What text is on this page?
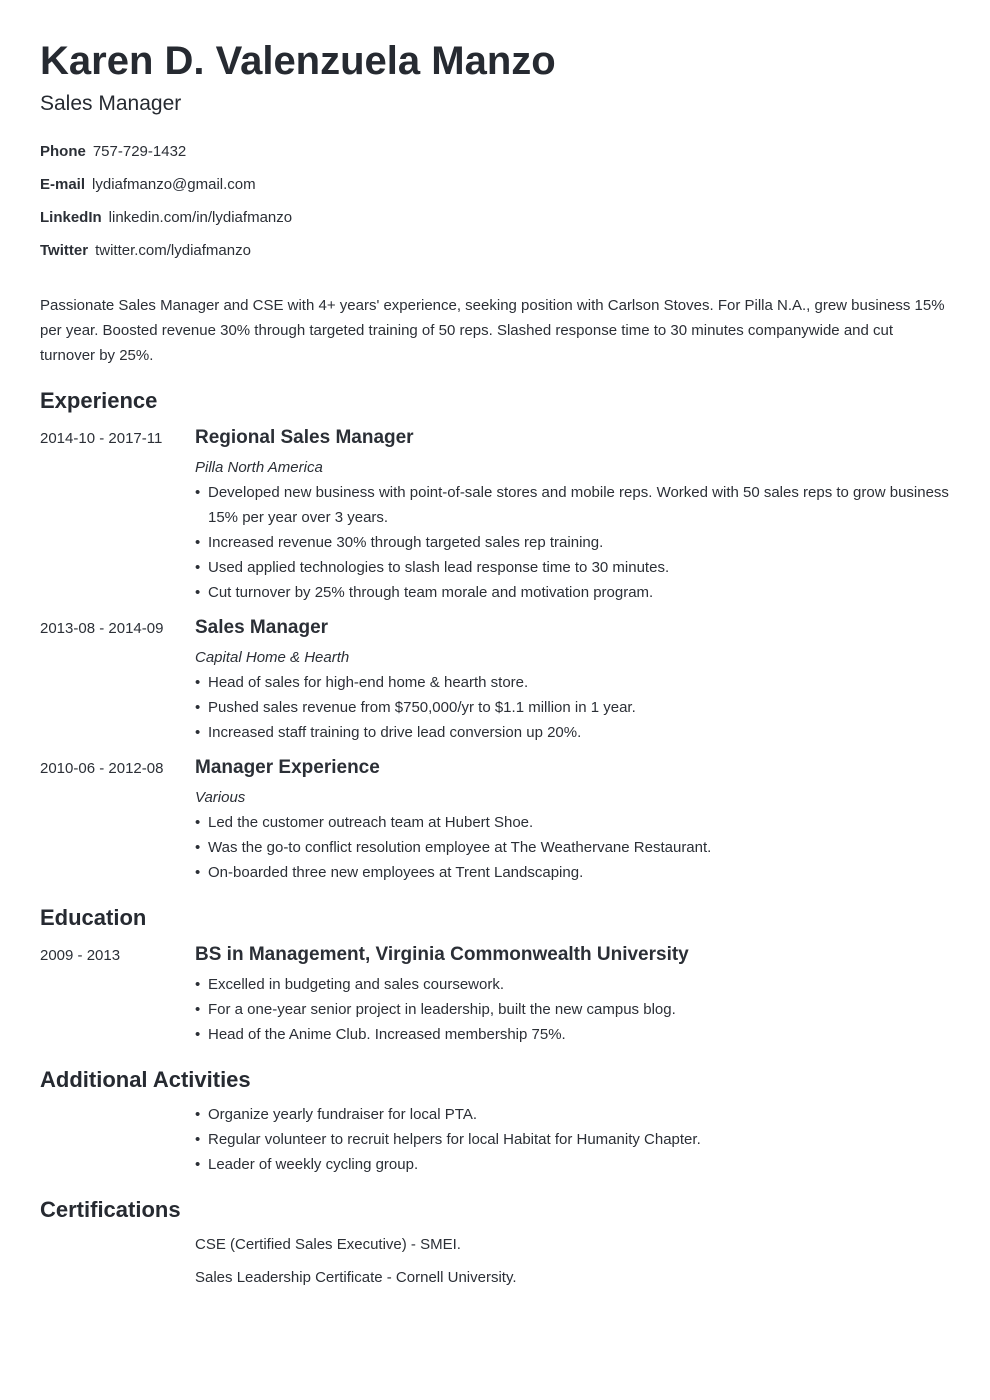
Karen D. Valenzuela Manzo
Sales Manager
Phone 757-729-1432
E-mail lydiafmanzo@gmail.com
LinkedIn linkedin.com/in/lydiafmanzo
Twitter twitter.com/lydiafmanzo

Passionate Sales Manager and CSE with 4+ years' experience, seeking position with Carlson Stoves. For Pilla N.A., grew business 15% per year. Boosted revenue 30% through targeted training of 50 reps. Slashed response time to 30 minutes companywide and cut turnover by 25%.

Experience
2014-10 - 2017-11 Regional Sales Manager
Pilla North America
• Developed new business with point-of-sale stores and mobile reps. Worked with 50 sales reps to grow business 15% per year over 3 years.
• Increased revenue 30% through targeted sales rep training.
• Used applied technologies to slash lead response time to 30 minutes.
• Cut turnover by 25% through team morale and motivation program.
2013-08 - 2014-09 Sales Manager
Capital Home & Hearth
• Head of sales for high-end home & hearth store.
• Pushed sales revenue from $750,000/yr to $1.1 million in 1 year.
• Increased staff training to drive lead conversion up 20%.
2010-06 - 2012-08 Manager Experience
Various
• Led the customer outreach team at Hubert Shoe.
• Was the go-to conflict resolution employee at The Weathervane Restaurant.
• On-boarded three new employees at Trent Landscaping.
Education
2009 - 2013	BS in Management, Virginia Commonwealth University
• Excelled in budgeting and sales coursework.
• For a one-year senior project in leadership, built the new campus blog.
• Head of the Anime Club. Increased membership 75%.
Additional Activities
• Organize yearly fundraiser for local PTA.
• Regular volunteer to recruit helpers for local Habitat for Humanity Chapter.
• Leader of weekly cycling group.
Certifications
CSE (Certified Sales Executive) - SMEI.
Sales Leadership Certificate - Cornell University.
